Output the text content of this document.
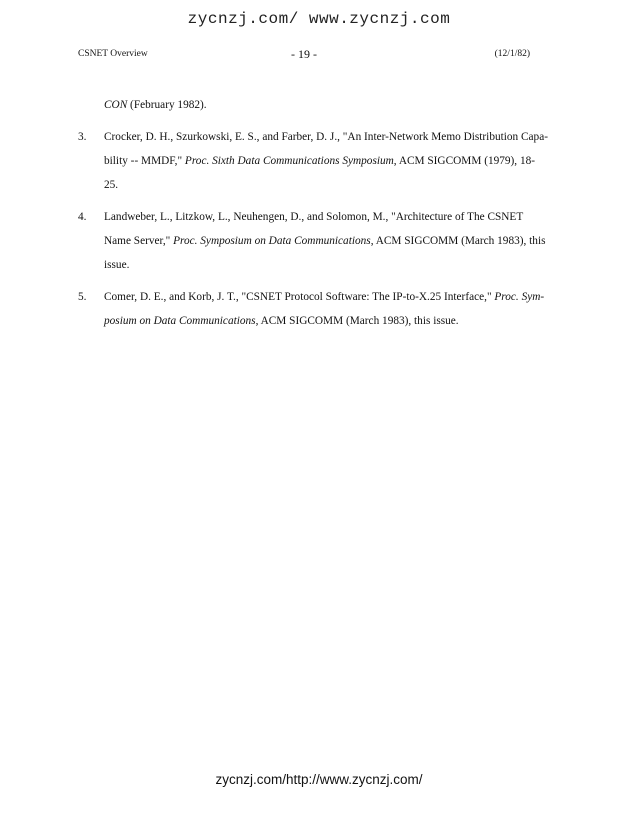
zycnzj.com/ www.zycnzj.com
CSNET Overview	- 19 -	(12/1/82)
CON (February 1982).
3. Crocker, D. H., Szurkowski, E. S., and Farber, D. J., "An Inter-Network Memo Distribution Capa-
bility -- MMDF," Proc. Sixth Data Communications Symposium, ACM SIGCOMM (1979), 18-
25.
4. Landweber, L., Litzkow, L., Neuhengen, D., and Solomon, M., "Architecture of The CSNET
Name Server," Proc. Symposium on Data Communications, ACM SIGCOMM (March 1983), this
issue.
5. Comer, D. E., and Korb, J. T., "CSNET Protocol Software: The IP-to-X.25 Interface," Proc. Sym-
posium on Data Communications, ACM SIGCOMM (March 1983), this issue.
zycnzj.com/http://www.zycnzj.com/
